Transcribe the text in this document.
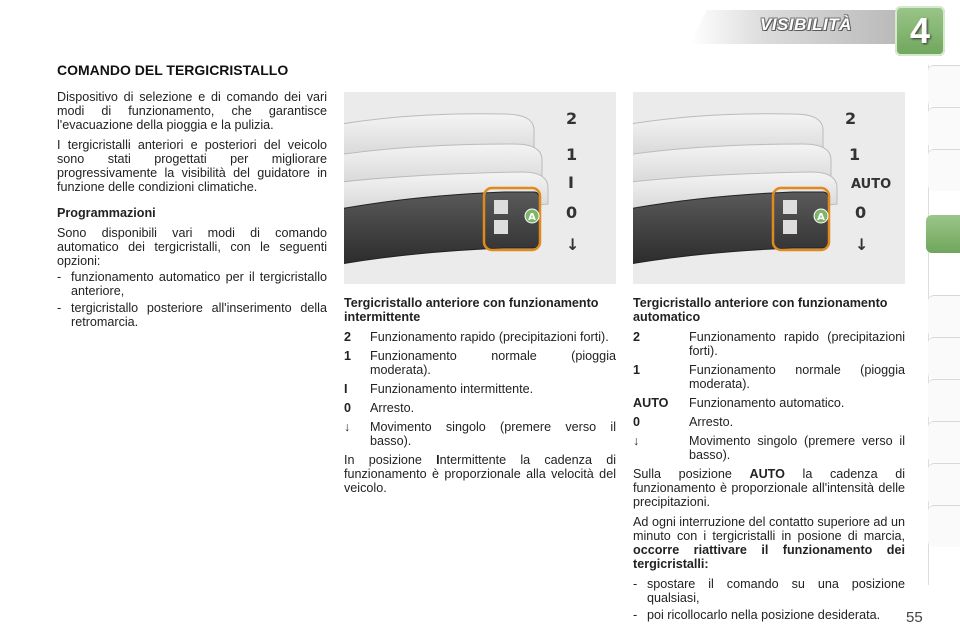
VISIBILITÀ	4
COMANDO DEL TERGICRISTALLO

Dispositivo di selezione e di comando dei vari modi di funzionamento, che garantisce l'evacuazione della pioggia e la pulizia.

I tergicristalli anteriori e posteriori del veicolo sono stati progettati per migliorare progressivamente la visibilità del guidatore in funzione delle condizioni climatiche.

Programmazioni

Sono disponibili vari modi di comando automatico dei tergicristalli, con le seguenti opzioni:

- funzionamento automatico per il tergicristallo anteriore,
- tergicristallo posteriore all'inserimento della retromarcia.
A
2
1
I
0
↓
A
2
1
AUTO
0
↓
Tergicristallo anteriore con funzionamento intermittente
2	Funzionamento rapido (precipitazioni forti).
1	Funzionamento normale (pioggia moderata).
I	Funzionamento intermittente.
0	Arresto.
↓	Movimento singolo (premere verso il basso).

In posizione Intermittente la cadenza di funzionamento è proporzionale alla velocità del veicolo.

Tergicristallo anteriore con funzionamento automatico
2	Funzionamento rapido (precipitazioni forti).
1	Funzionamento normale (pioggia moderata).
AUTO	Funzionamento automatico.
0	Arresto.
↓	Movimento singolo (premere verso il basso).

Sulla posizione AUTO la cadenza di funzionamento è proporzionale all'intensità delle precipitazioni.

Ad ogni interruzione del contatto superiore ad un minuto con i tergicristalli in posione di marcia, occorre riattivare il funzionamento dei tergicristalli:

- spostare il comando su una posizione qualsiasi,
- poi ricollocarlo nella posizione desiderata.	55
